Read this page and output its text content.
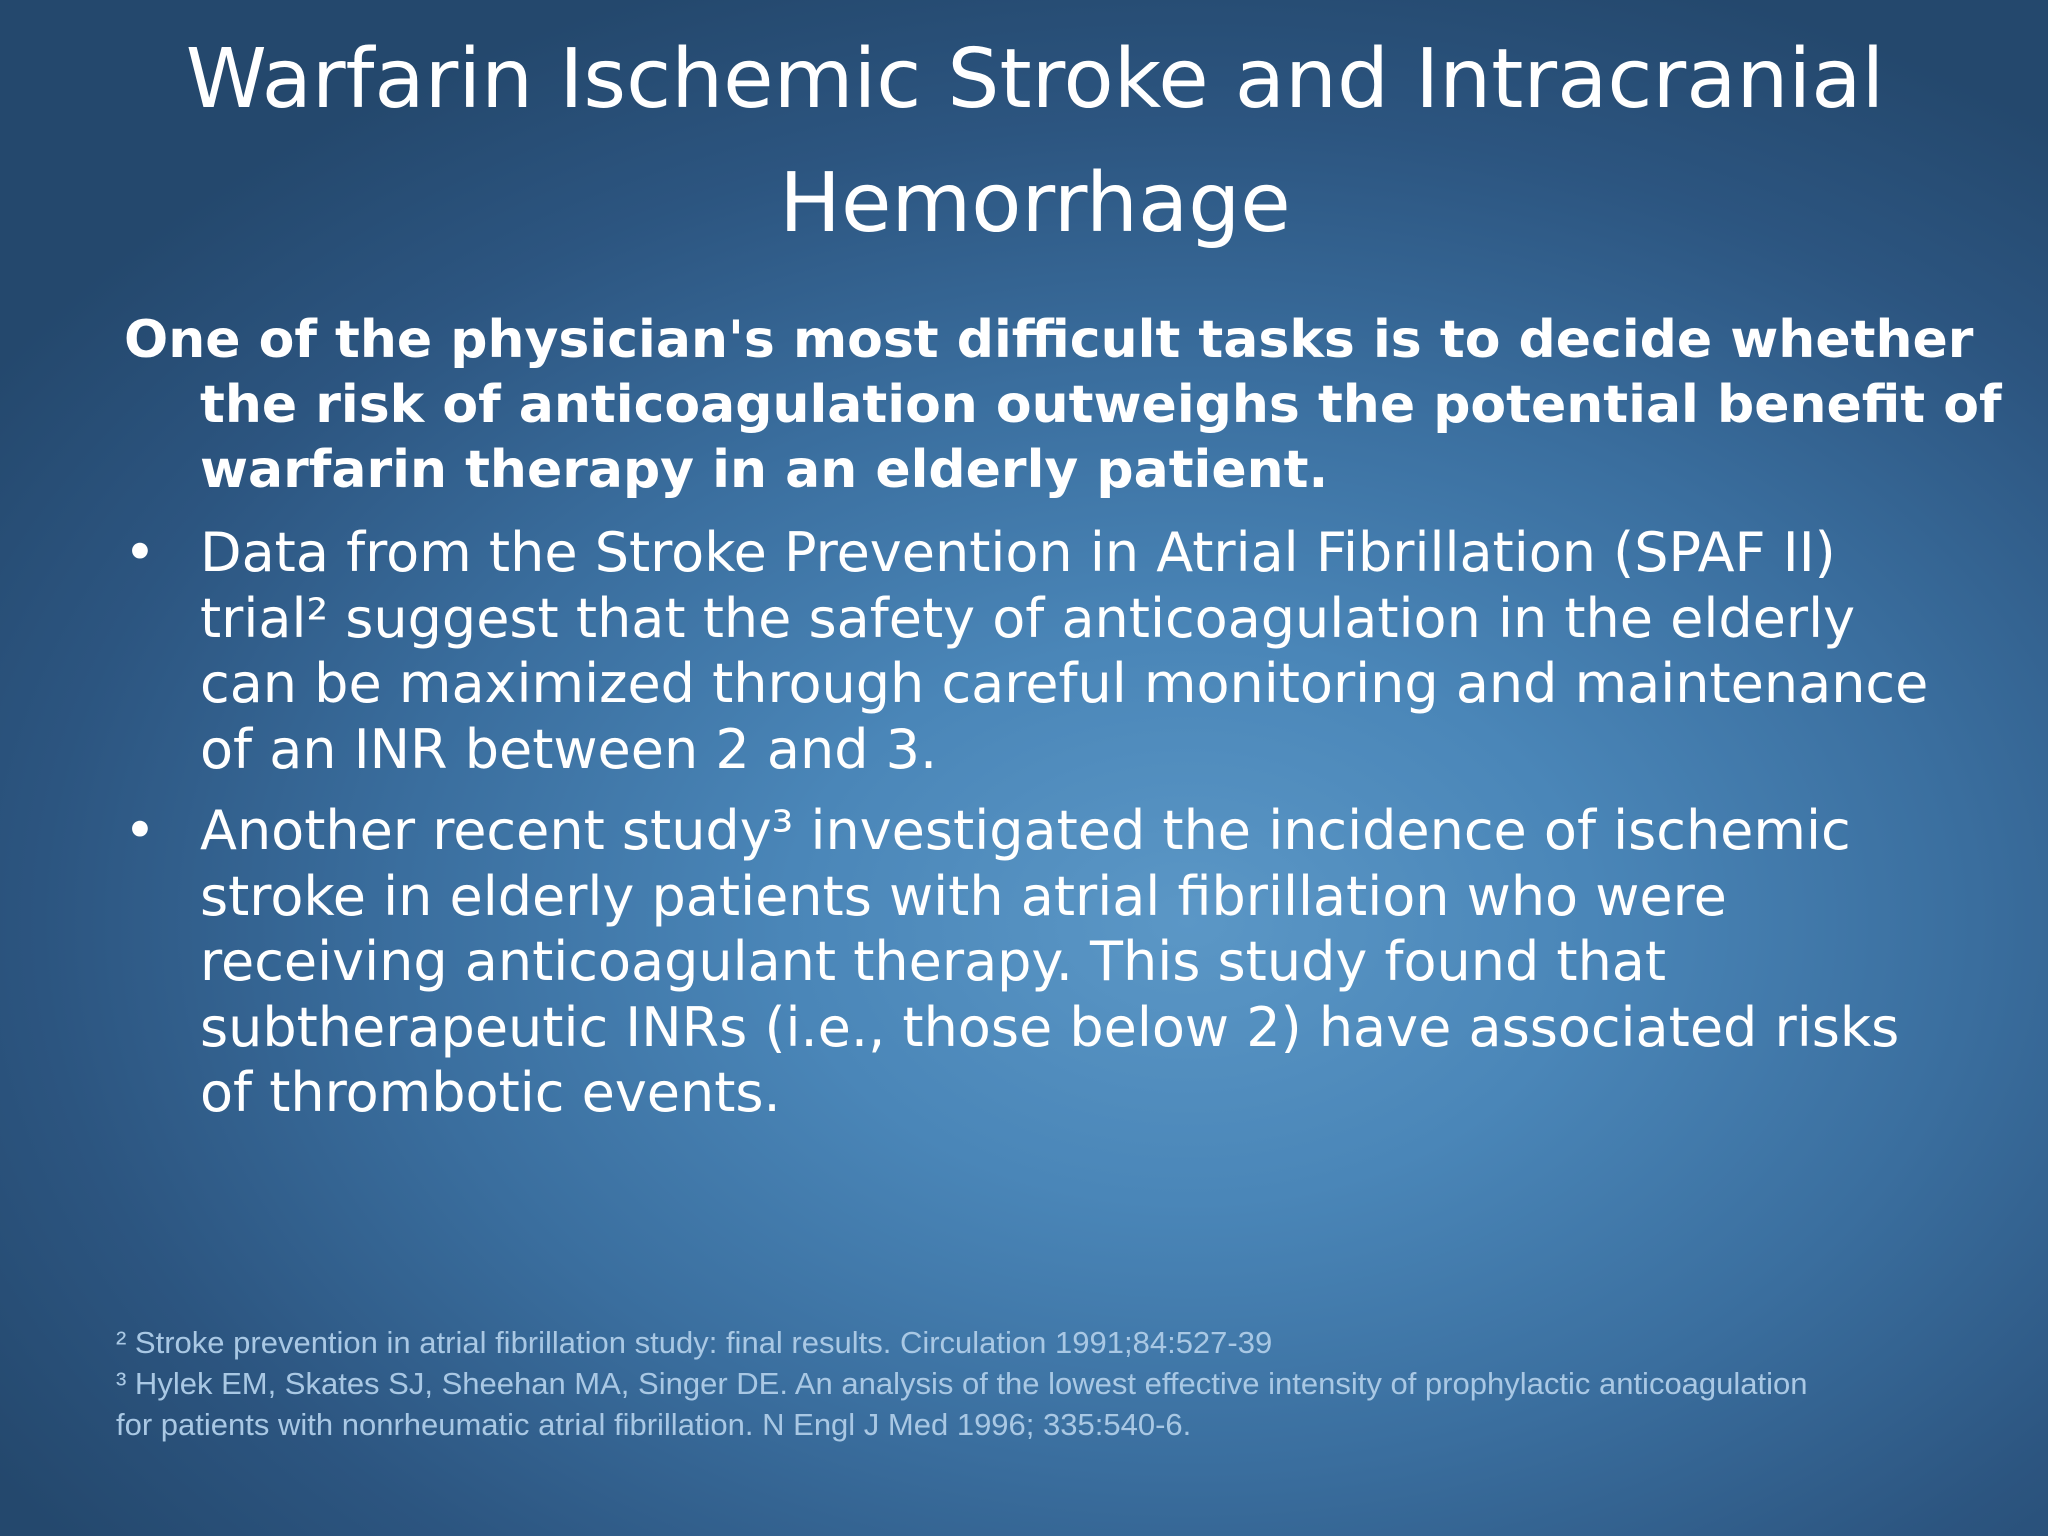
Warfarin Ischemic Stroke and Intracranial
Hemorrhage

One of the physician's most difficult tasks is to decide whether the risk of anticoagulation outweighs the potential benefit of warfarin therapy in an elderly patient.

• Data from the Stroke Prevention in Atrial Fibrillation (SPAF II) trial² suggest that the safety of anticoagulation in the elderly can be maximized through careful monitoring and maintenance of an INR between 2 and 3.
• Another recent study³ investigated the incidence of ischemic stroke in elderly patients with atrial fibrillation who were receiving anticoagulant therapy. This study found that subtherapeutic INRs (i.e., those below 2) have associated risks of thrombotic events.

² Stroke prevention in atrial fibrillation study: final results. Circulation 1991;84:527-39

³ Hylek EM, Skates SJ, Sheehan MA, Singer DE. An analysis of the lowest effective intensity of prophylactic anticoagulation for patients with nonrheumatic atrial fibrillation. N Engl J Med 1996; 335:540-6.
